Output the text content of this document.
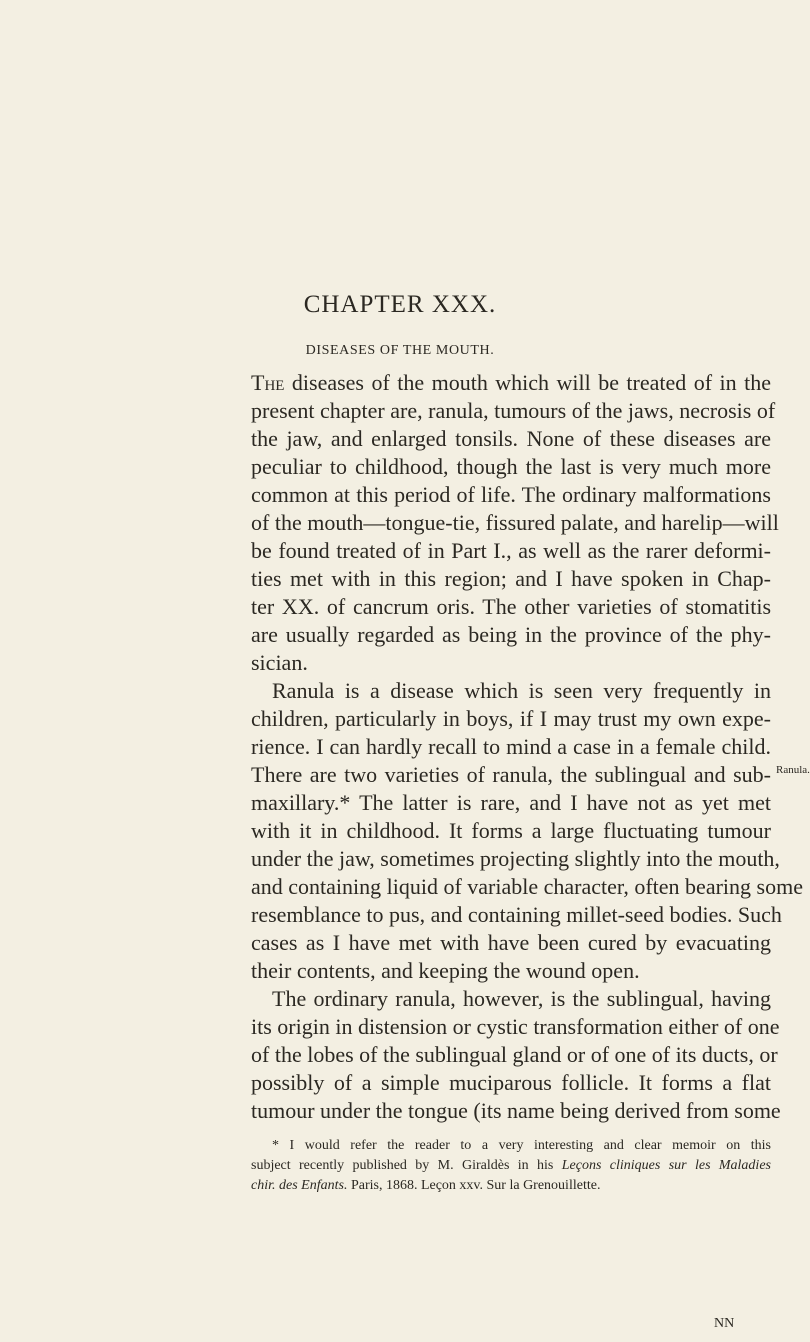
CHAPTER XXX.
DISEASES OF THE MOUTH.
The diseases of the mouth which will be treated of in the
present chapter are, ranula, tumours of the jaws, necrosis of
the jaw, and enlarged tonsils. None of these diseases are
peculiar to childhood, though the last is very much more
common at this period of life. The ordinary malformations
of the mouth—tongue-tie, fissured palate, and harelip—will
be found treated of in Part I., as well as the rarer deformi-
ties met with in this region; and I have spoken in Chap-
ter XX. of cancrum oris. The other varieties of stomatitis
are usually regarded as being in the province of the phy-
sician.
Ranula is a disease which is seen very frequently in
children, particularly in boys, if I may trust my own expe-
rience. I can hardly recall to mind a case in a female child.
There are two varieties of ranula, the sublingual and sub-
maxillary.* The latter is rare, and I have not as yet met
with it in childhood. It forms a large fluctuating tumour
under the jaw, sometimes projecting slightly into the mouth,
and containing liquid of variable character, often bearing some
resemblance to pus, and containing millet-seed bodies. Such
cases as I have met with have been cured by evacuating
their contents, and keeping the wound open.
The ordinary ranula, however, is the sublingual, having
its origin in distension or cystic transformation either of one
of the lobes of the sublingual gland or of one of its ducts, or
possibly of a simple muciparous follicle. It forms a flat
tumour under the tongue (its name being derived from some
Ranula.
* I would refer the reader to a very interesting and clear memoir on this
subject recently published by M. Giraldès in his Leçons cliniques sur les Maladies
chir. des Enfants. Paris, 1868. Leçon xxv. Sur la Grenouillette.
NN
